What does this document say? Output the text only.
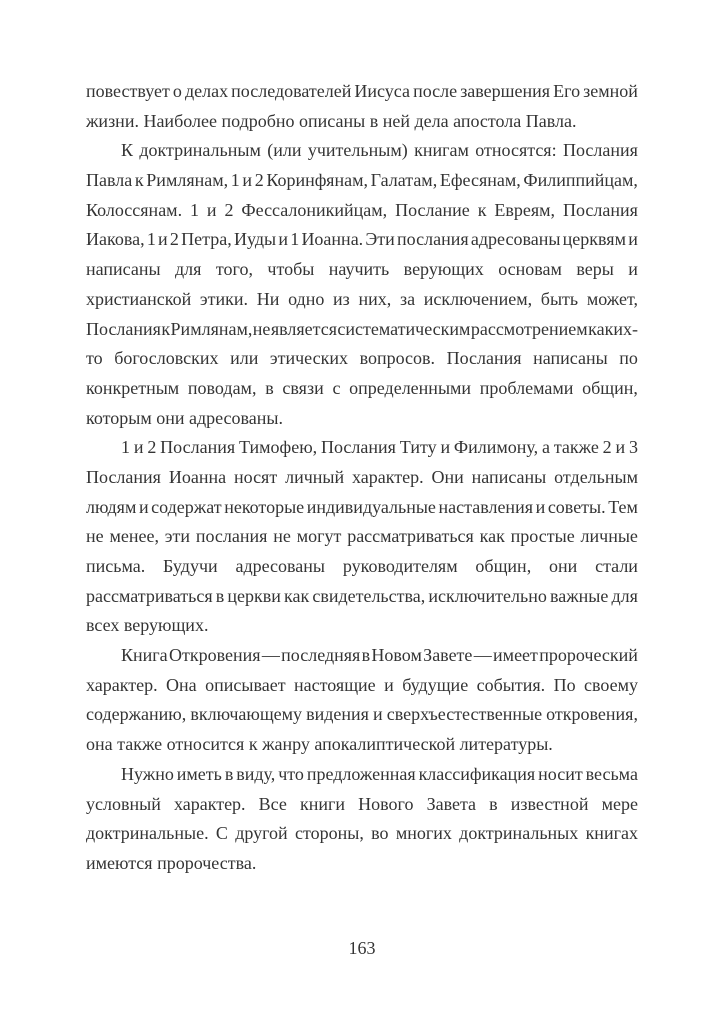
повествует о делах последователей Иисуса после завершения Его земной
жизни. Наиболее подробно описаны в ней дела апостола Павла.
К доктринальным (или учительным) книгам относятся: Послания
Павла к Римлянам, 1 и 2 Коринфянам, Галатам, Ефесянам, Филиппийцам,
Колоссянам. 1 и 2 Фессалоникийцам, Послание к Евреям, Послания
Иакова, 1 и 2 Петра, Иуды и 1 Иоанна. Эти послания адресованы церквям и
написаны для того, чтобы научить верующих основам веры и
христианской этики. Ни одно из них, за исключением, быть может,
Послания к Римлянам, не является систематическим рассмотрением каких-
то богословских или этических вопросов. Послания написаны по
конкретным поводам, в связи с определенными проблемами общин,
которым они адресованы.
1 и 2 Послания Тимофею, Послания Титу и Филимону, а также 2 и 3
Послания Иоанна носят личный характер. Они написаны отдельным
людям и содержат некоторые индивидуальные наставления и советы. Тем
не менее, эти послания не могут рассматриваться как простые личные
письма. Будучи адресованы руководителям общин, они стали
рассматриваться в церкви как свидетельства, исключительно важные для
всех верующих.
Книга Откровения — последняя в Новом Завете — имеет пророческий
характер. Она описывает настоящие и будущие события. По своему
содержанию, включающему видения и сверхъестественные откровения,
она также относится к жанру апокалиптической литературы.
Нужно иметь в виду, что предложенная классификация носит весьма
условный характер. Все книги Нового Завета в известной мере
доктринальные. С другой стороны, во многих доктринальных книгах
имеются пророчества.
163
